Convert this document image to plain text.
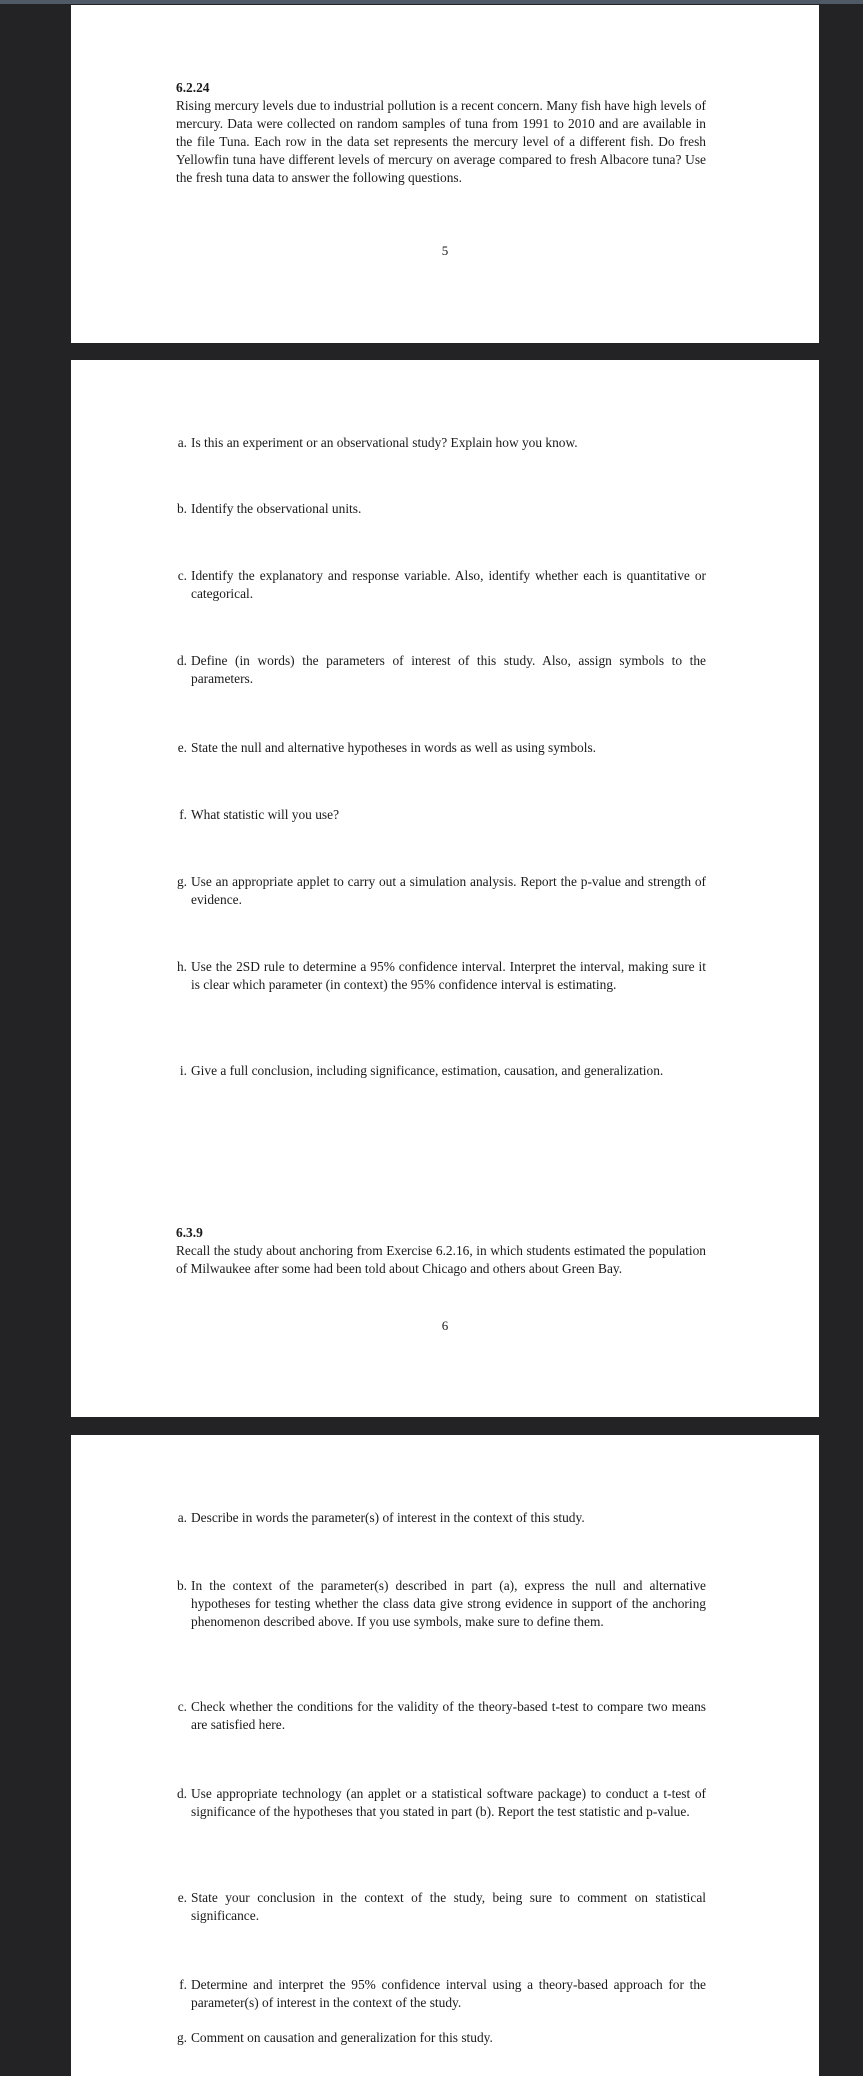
6.2.24
Rising mercury levels due to industrial pollution is a recent concern. Many fish have high levels of mercury. Data were collected on random samples of tuna from 1991 to 2010 and are available in the file Tuna. Each row in the data set represents the mercury level of a different fish. Do fresh Yellowfin tuna have different levels of mercury on average compared to fresh Albacore tuna? Use the fresh tuna data to answer the following questions.
5
a. Is this an experiment or an observational study? Explain how you know.
b. Identify the observational units.
c. Identify the explanatory and response variable. Also, identify whether each is quantitative or categorical.
d. Define (in words) the parameters of interest of this study. Also, assign symbols to the parameters.
e. State the null and alternative hypotheses in words as well as using symbols.
f. What statistic will you use?
g. Use an appropriate applet to carry out a simulation analysis. Report the p-value and strength of evidence.
h. Use the 2SD rule to determine a 95% confidence interval. Interpret the interval, making sure it is clear which parameter (in context) the 95% confidence interval is estimating.
i. Give a full conclusion, including significance, estimation, causation, and generalization.
6.3.9
Recall the study about anchoring from Exercise 6.2.16, in which students estimated the population of Milwaukee after some had been told about Chicago and others about Green Bay.
6
a. Describe in words the parameter(s) of interest in the context of this study.
b. In the context of the parameter(s) described in part (a), express the null and alternative hypotheses for testing whether the class data give strong evidence in support of the anchoring phenomenon described above. If you use symbols, make sure to define them.
c. Check whether the conditions for the validity of the theory-based t-test to compare two means are satisfied here.
d. Use appropriate technology (an applet or a statistical software package) to conduct a t-test of significance of the hypotheses that you stated in part (b). Report the test statistic and p-value.
e. State your conclusion in the context of the study, being sure to comment on statistical significance.
f. Determine and interpret the 95% confidence interval using a theory-based approach for the parameter(s) of interest in the context of the study.
g. Comment on causation and generalization for this study.
